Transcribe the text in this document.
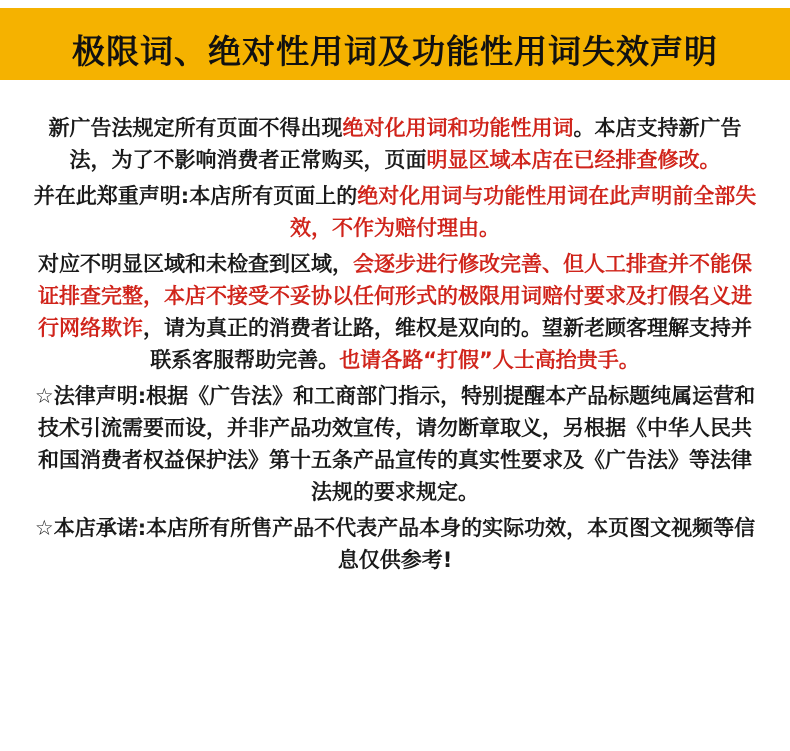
极限词、绝对性用词及功能性用词失效声明

新广告法规定所有页面不得出现绝对化用词和功能性用词。本店支持新广告法，为了不影响消费者正常购买，页面明显区域本店在已经排查修改。

并在此郑重声明:本店所有页面上的绝对化用词与功能性用词在此声明前全部失效，不作为赔付理由。

对应不明显区域和未检查到区域，会逐步进行修改完善、但人工排查并不能保证排查完整，本店不接受不妥协以任何形式的极限用词赔付要求及打假名义进行网络欺诈，请为真正的消费者让路，维权是双向的。望新老顾客理解支持并联系客服帮助完善。也请各路“打假”人士高抬贵手。

☆法律声明:根据《广告法》和工商部门指示，特别提醒本产品标题纯属运营和技术引流需要而设，并非产品功效宣传，请勿断章取义，另根据《中华人民共和国消费者权益保护法》第十五条产品宣传的真实性要求及《广告法》等法律法规的要求规定。

☆本店承诺:本店所有所售产品不代表产品本身的实际功效，本页图文视频等信息仅供参考!
